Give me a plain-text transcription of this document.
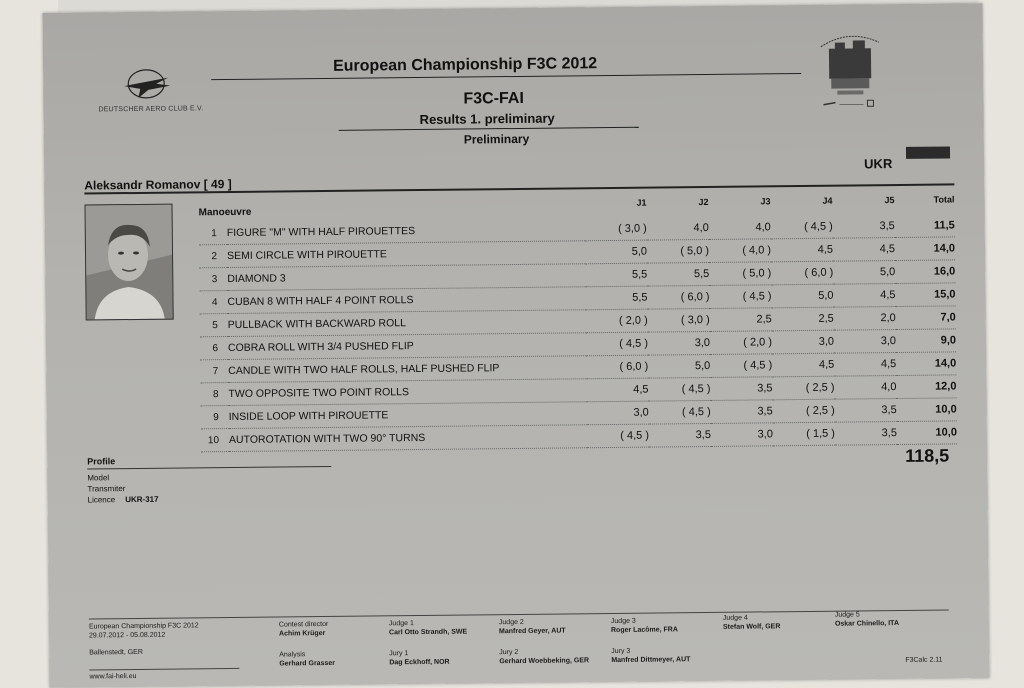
DEUTSCHER AERO CLUB E.V.
European Championship F3C 2012
F3C-FAI
Results 1. preliminary
Preliminary
UKR
Aleksandr Romanov [ 49 ]
Manoeuvre		J1	J2	J3	J4	J5	Total
1	FIGURE "M" WITH HALF PIROUETTES	( 3,0 )	4,0	4,0	( 4,5 )	3,5	11,5
2	SEMI CIRCLE WITH PIROUETTE	5,0	( 5,0 )	( 4,0 )	4,5	4,5	14,0
3	DIAMOND 3	5,5	5,5	( 5,0 )	( 6,0 )	5,0	16,0
4	CUBAN 8 WITH HALF 4 POINT ROLLS	5,5	( 6,0 )	( 4,5 )	5,0	4,5	15,0
5	PULLBACK WITH BACKWARD ROLL	( 2,0 )	( 3,0 )	2,5	2,5	2,0	7,0
6	COBRA ROLL WITH 3/4 PUSHED FLIP	( 4,5 )	3,0	( 2,0 )	3,0	3,0	9,0
7	CANDLE WITH TWO HALF ROLLS, HALF PUSHED FLIP	( 6,0 )	5,0	( 4,5 )	4,5	4,5	14,0
8	TWO OPPOSITE TWO POINT ROLLS	4,5	( 4,5 )	3,5	( 2,5 )	4,0	12,0
9	INSIDE LOOP WITH PIROUETTE	3,0	( 4,5 )	3,5	( 2,5 )	3,5	10,0
10	AUTOROTATION WITH TWO 90° TURNS	( 4,5 )	3,5	3,0	( 1,5 )	3,5	10,0
118,5
Profile
Model
Transmiter
Licence UKR-317
European Championship F3C 2012
29.07.2012 - 05.08.2012
Ballenstedt, GER
www.fai-heli.eu
Contest director
Achim Krüger
Analysis
Gerhard Grasser
Judge 1
Carl Otto Strandh, SWE
Jury 1
Dag Eckhoff, NOR
Judge 2
Manfred Geyer, AUT
Jury 2
Gerhard Woebbeking, GER
Judge 3
Roger Lacôme, FRA
Jury 3
Manfred Dittmeyer, AUT
Judge 4
Stefan Wolf, GER
Judge 5
Oskar Chinello, ITA
F3Calc 2.11
